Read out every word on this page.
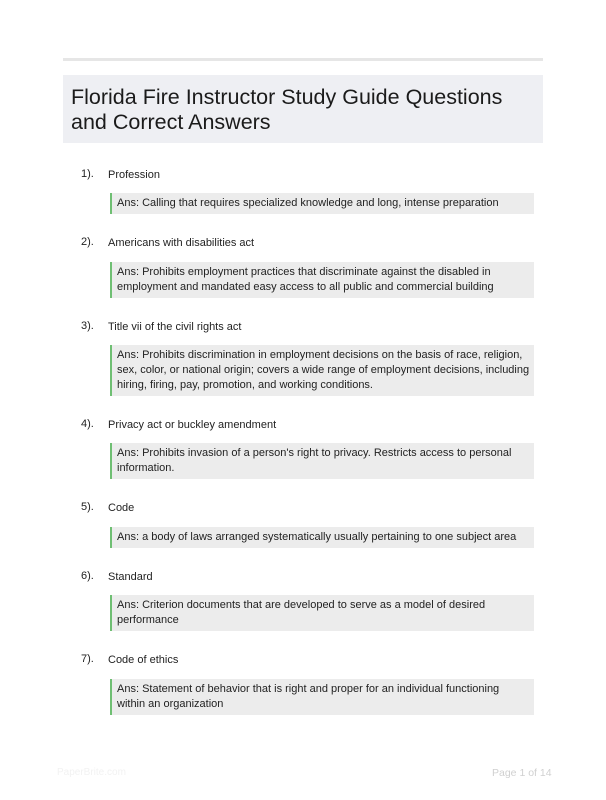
Florida Fire Instructor Study Guide Questions and Correct Answers
1). Profession
Ans: Calling that requires specialized knowledge and long, intense preparation
2). Americans with disabilities act
Ans: Prohibits employment practices that discriminate against the disabled in employment and mandated easy access to all public and commercial building
3). Title vii of the civil rights act
Ans: Prohibits discrimination in employment decisions on the basis of race, religion, sex, color, or national origin; covers a wide range of employment decisions, including hiring, firing, pay, promotion, and working conditions.
4). Privacy act or buckley amendment
Ans: Prohibits invasion of a person's right to privacy. Restricts access to personal information.
5). Code
Ans: a body of laws arranged systematically usually pertaining to one subject area
6). Standard
Ans: Criterion documents that are developed to serve as a model of desired performance
7). Code of ethics
Ans: Statement of behavior that is right and proper for an individual functioning within an organization
PaperBrite.com	Page 1 of 14
